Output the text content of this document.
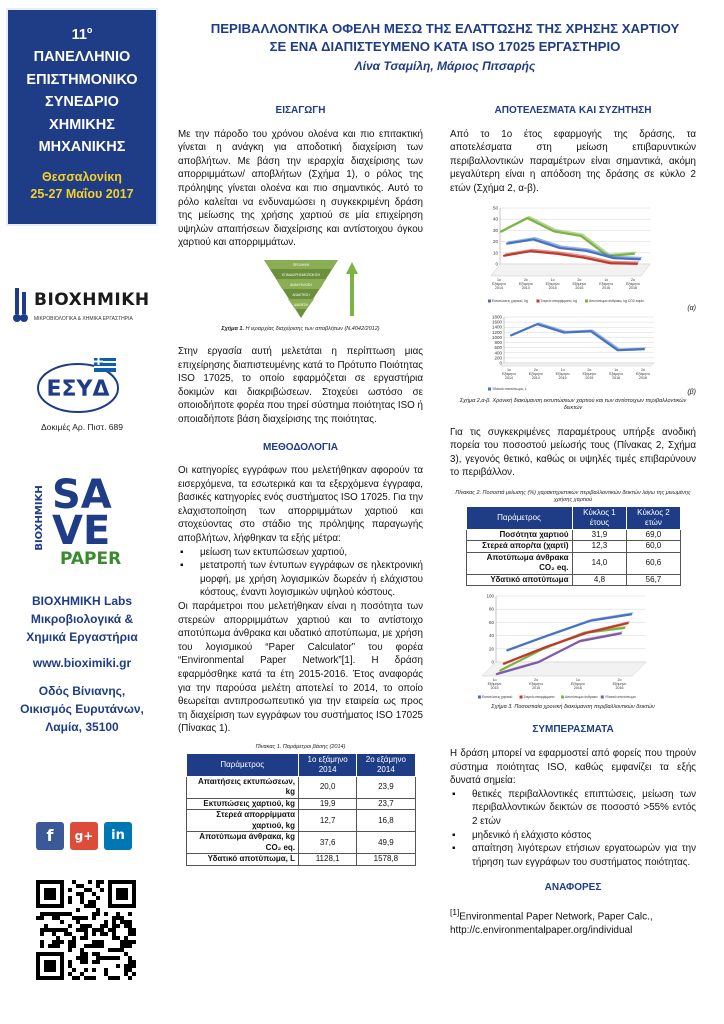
$11^o$
ΠΑΝΕΛΛΗΝΙΟ
ΕΠΙΣΤΗΜΟΝΙΚΟ
ΣΥΝΕΔΡΙΟ
ΧΗΜΙΚΗΣ
ΜΗΧΑΝΙΚΗΣ
Θεσσαλονίκη
25-27 Μαΐου 2017
BIOXHMIKH
ΜΙΚΡΟΒΙΟΛΟΓΙΚΑ & ΧΗΜΙΚΑ ΕΡΓΑΣΤΗΡΙΑ
ΕΣΥΔ
Δοκιμές Αρ. Πιστ. 689
BIOXHMIKH SA
VE
PAPER
BIOXHMIKH Labs
Μικροβιολογικά &
Χημικά Εργαστήρια
www.bioximiki.gr
Οδός Βίνιανης,
Οικισμός Ευρυτάνων,
Λαμία, 35100
f	g+	in
ΠΕΡΙΒΑΛΛΟΝΤΙΚΑ ΟΦΕΛΗ ΜΕΣΩ ΤΗΣ ΕΛΑΤΤΩΣΗΣ ΤΗΣ ΧΡΗΣΗΣ ΧΑΡΤΙΟΥ
ΣΕ ΕΝΑ ΔΙΑΠΙΣΤΕΥΜΕΝΟ ΚΑΤΑ ISO 17025 ΕΡΓΑΣΤΗΡΙΟ
Λίνα Τσαμίλη, Μάριος Πιτσαρής
ΕΙΣΑΓΩΓΗ

Με την πάροδο του χρόνου ολοένα και πιο επιτακτική γίνεται η ανάγκη για αποδοτική διαχείριση των αποβλήτων. Με βάση την ιεραρχία διαχείρισης των απορριμμάτων/ αποβλήτων (Σχήμα 1), ο ρόλος της πρόληψης γίνεται ολοένα και πιο σημαντικός. Αυτό το ρόλο καλείται να ενδυναμώσει η συγκεκριμένη δράση της μείωσης της χρήσης χαρτιού σε μία επιχείρηση υψηλών απαιτήσεων διαχείρισης και αντίστοιχου όγκου χαρτιού και απορριμμάτων.

ΠΡΟΛΗΨΗ
ΕΠΑΝΑΧΡΗΣΙΜΟΠΟΙΗΣΗ
ΑΝΑΚΥΚΛΩΣΗ
ΑΝΑΚΤΗΣΗ
ΔΙΑΘΕΣΗ
Σχήμα 1. Η ιεραρχίας διαχείρισης των αποβλήτων (Ν.4042/2012)

Στην εργασία αυτή μελετάται η περίπτωση μιας επιχείρησης διαπιστευμένης κατά το Πρότυπο Ποιότητας ISO 17025, το οποίο εφαρμόζεται σε εργαστήρια δοκιμών και διακριβώσεων. Στοχεύει ωστόσο σε οποιοδήποτε φορέα που τηρεί σύστημα ποιότητας ISO ή οποιαδήποτε βάση διαχείρισης της ποιότητας.

ΜΕΘΟΔΟΛΟΓΙΑ

Οι κατηγορίες εγγράφων που μελετήθηκαν αφορούν τα εισερχόμενα, τα εσωτερικά και τα εξερχόμενα έγγραφα, βασικές κατηγορίες ενός συστήματος ISO 17025. Για την ελαχιστοποίηση των απορριμμάτων χαρτιού και στοχεύοντας στο στάδιο της πρόληψης παραγωγής αποβλήτων, λήφθηκαν τα εξής μέτρα:

▪ μείωση των εκτυπώσεων χαρτιού,
▪ μετατροπή των έντυπων εγγράφων σε ηλεκτρονική μορφή, με χρήση λογισμικών δωρεάν ή ελάχιστου κόστους, έναντι λογισμικών υψηλού κόστους.

Οι παράμετροι που μελετήθηκαν είναι η ποσότητα των στερεών απορριμμάτων χαρτιού και το αντίστοιχο αποτύπωμα άνθρακα και υδατικό αποτύπωμα, με χρήση του λογισμικού “Paper Calculator” του φορέα “Environmental Paper Network”[1]. Η δράση εφαρμόσθηκε κατά τα έτη 2015-2016. Έτος αναφοράς για την παρούσα μελέτη αποτελεί το 2014, το οποίο θεωρείται αντιπροσωπευτικό για την εταιρεία ως προς τη διαχείριση των εγγράφων του συστήματος ISO 17025 (Πίνακας 1).

Πίνακας 1. Παράμετροι βάσης (2014)
Παράμετρος	1ο εξάμηνο 2014	2ο εξάμηνο 2014
Απαιτήσεις εκτυπώσεων, kg	20,0	23,9
Εκτυπώσεις χαρτιού, kg	19,9	23,7
Στερεά απορρίμματα χαρτιού, kg	12,7	16,8
Αποτύπωμα άνθρακα, kg CO₂ eq.	37,6	49,9
Υδατικό αποτύπωμα, L	1128,1	1578,8
ΑΠΟΤΕΛΕΣΜΑΤΑ ΚΑΙ ΣΥΖΗΤΗΣΗ

Από το 1ο έτος εφαρμογής της δράσης, τα αποτελέσματα στη μείωση επιβαρυντικών περιβαλλοντικών παραμέτρων είναι σημαντικά, ακόμη μεγαλύτερη είναι η απόδοση της δράσης σε κύκλο 2 ετών (Σχήμα 2, α-β).

0
10
20
30
40
50
1ο Εξάμηνο 2014
2ο Εξάμηνο 2014
1ο Εξάμηνο 2015
2ο Εξάμηνο 2015
1ο Εξάμηνο 2016
2ο Εξάμηνο 2016
Εκτυπώσεις χαρτιού, kg	Στερεά απορρίμματα, kg	Αποτύπωμα άνθρακα, kg CO2 equiv.
(α)
0
200
400
600
800
1000
1200
1400
1600
1800
1ο Εξάμηνο 2014
2ο Εξάμηνο 2014
1ο Εξάμηνο 2015
2ο Εξάμηνο 2015
1ο Εξάμηνο 2016
2ο Εξάμηνο 2016
Υδατικό αποτύπωμα, L	(β)
Σχήμα 2,α-β. Χρονική διακύμανση εκτυπώσεων χαρτιού και των αντίστοιχων περιβαλλοντικών δεικτών

Για τις συγκεκριμένες παραμέτρους υπήρξε ανοδική πορεία του ποσοστού μείωσής τους (Πίνακας 2, Σχήμα 3), γεγονός θετικό, καθώς οι υψηλές τιμές επιβαρύνουν το περιβάλλον.

Πίνακας 2. Ποσοστά μείωσης (%) χαρακτηριστικών περιβαλλοντικών δεικτών λόγω της μειωμένης χρήσης χαρτιού
Παράμετρος	Κύκλος 1 έτους	Κύκλος 2 ετών
Ποσότητα χαρτιού	31,9	69,0
Στερεά απορ/τα (χαρτί)	12,3	60,0
Αποτύπωμα άνθρακα CO₂ eq.	14,0	60,6
Υδατικό αποτύπωμα	4,8	56,7
0
20
40
60
80
100
1ο Εξάμηνο 2015
2ο Εξάμηνο 2015
1ο Εξάμηνο 2016
2ο Εξάμηνο 2016
Εκτυπώσεις χαρτιού	Στερεά απορρίμματα	Αποτύπωμα άνθρακα Υδατικό αποτύπωμα
Σχήμα 3. Ποσοστιαία χρονική διακύμανση περιβαλλοντικών δεικτών
ΣΥΜΠΕΡΑΣΜΑΤΑ

Η δράση μπορεί να εφαρμοστεί από φορείς που τηρούν σύστημα ποιότητας ISO, καθώς εμφανίζει τα εξής δυνατά σημεία:

▪ θετικές περιβαλλοντικές επιπτώσεις, μείωση των περιβαλλοντικών δεικτών σε ποσοστό >55% εντός 2 ετών
▪ μηδενικό ή ελάχιστο κόστος
▪ απαίτηση λιγότερων ετήσιων εργατοωρών για την τήρηση των εγγράφων του συστήματος ποιότητας.
ΑΝΑΦΟΡΕΣ
[1]Environmental Paper Network, Paper Calc., http://c.environmentalpaper.org/individual
